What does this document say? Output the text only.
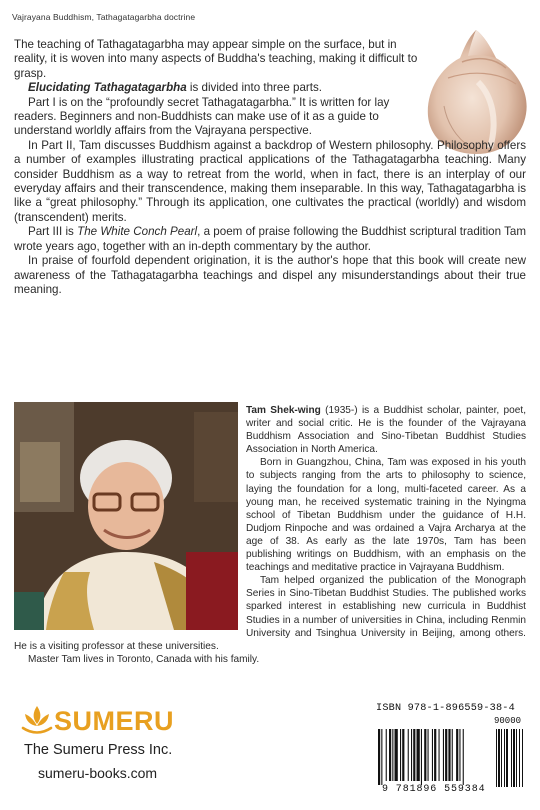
Vajrayana Buddhism, Tathagatagarbha doctrine

The teaching of Tathagatagarbha may appear simple on the surface, but in reality, it is woven into many aspects of Buddha's teaching, making it difficult to grasp.

Elucidating Tathagatagarbha is divided into three parts.

Part I is on the “profoundly secret Tathagatagarbha.” It is written for lay readers. Beginners and non-Buddhists can make use of it as a guide to understand worldly affairs from the Vajrayana perspective.

In Part II, Tam discusses Buddhism against a backdrop of Western philosophy. Philosophy offers a number of examples illustrating practical applications of the Tathagatagarbha teaching. Many consider Buddhism as a way to retreat from the world, when in fact, there is an interplay of our everyday affairs and their transcendence, making them inseparable. In this way, Tathagatagarbha is like a “great philosophy.” Through its application, one cultivates the practical (worldly) and wisdom (transcendent) merits.

Part III is The White Conch Pearl, a poem of praise following the Buddhist scriptural tradition Tam wrote years ago, together with an in-depth commentary by the author.

In praise of fourfold dependent origination, it is the author's hope that this book will create new awareness of the Tathagatagarbha teachings and dispel any misunderstandings about their true meaning.

Tam Shek-wing (1935-) is a Buddhist scholar, painter, poet, writer and social critic. He is the founder of the Vajrayana Buddhism Association and Sino-Tibetan Buddhist Studies Association in North America.

Born in Guangzhou, China, Tam was exposed in his youth to subjects ranging from the arts to philosophy to science, laying the foundation for a long, multi-faceted career. As a young man, he received systematic training in the Nyingma school of Tibetan Buddhism under the guidance of H.H. Dudjom Rinpoche and was ordained a Vajra Archarya at the age of 38. As early as the late 1970s, Tam has been publishing writings on Buddhism, with an emphasis on the teachings and meditative practice in Vajrayana Buddhism.

Tam helped organized the publication of the Monograph Series in Sino-Tibetan Buddhist Studies. The published works sparked interest in establishing new curricula in Buddhist Studies in a number of universities in China, including Renmin University and Tsinghua University in Beijing, among others. He is a visiting professor at these universities.

Master Tam lives in Toronto, Canada with his family.

SUMERU
The Sumeru Press Inc.
sumeru-books.com
ISBN 978-1-896559-38-4
90000
9 781896 559384
